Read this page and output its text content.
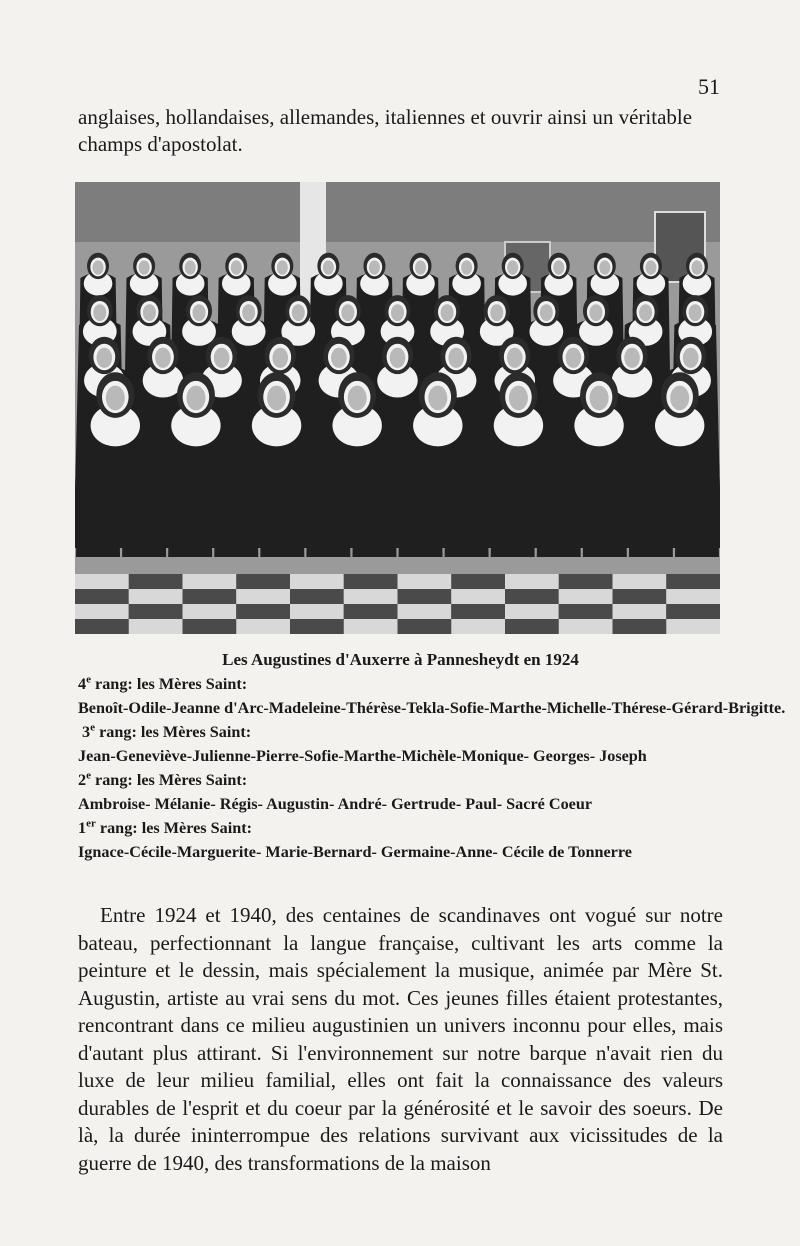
51

anglaises, hollandaises, allemandes, italiennes et ouvrir ainsi un véritable champs d'apostolat.

Les Augustines d'Auxerre à Pannesheydt en 1924

4e rang: les Mères Saint:
Benoît-Odile-Jeanne d'Arc-Madeleine-Thérèse-Tekla-Sofie-Marthe-Michelle-Thérese-Gérard-Brigitte.
3e rang: les Mères Saint:
Jean-Geneviève-Julienne-Pierre-Sofie-Marthe-Michèle-Monique- Georges- Joseph
2e rang: les Mères Saint:
Ambroise- Mélanie- Régis- Augustin- André- Gertrude- Paul- Sacré Coeur
1er rang: les Mères Saint:
Ignace-Cécile-Marguerite- Marie-Bernard- Germaine-Anne- Cécile de Tonnerre

Entre 1924 et 1940, des centaines de scandinaves ont vogué sur notre bateau, perfectionnant la langue française, cultivant les arts comme la peinture et le dessin, mais spécialement la musique, animée par Mère St. Augustin, artiste au vrai sens du mot. Ces jeunes filles étaient protestantes, rencontrant dans ce milieu augustinien un univers inconnu pour elles, mais d'autant plus attirant. Si l'environnement sur notre barque n'avait rien du luxe de leur milieu familial, elles ont fait la connaissance des valeurs durables de l'esprit et du coeur par la générosité et le savoir des soeurs. De là, la durée ininterrompue des relations survivant aux vicissitudes de la guerre de 1940, des transformations de la maison
